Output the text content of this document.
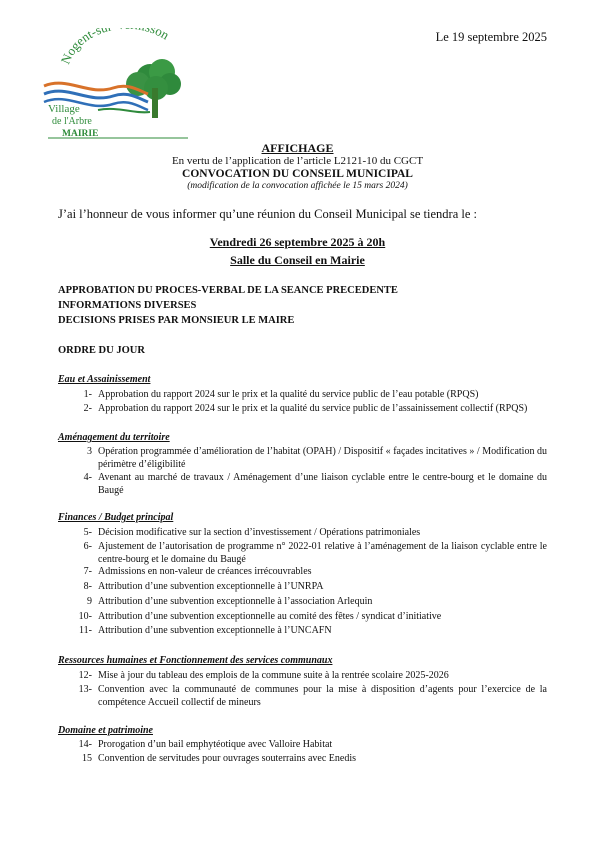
Le 19 septembre 2025
Nogent-s son
Village
de l'Arbre
MAIRIE
AFFICHAGE
En vertu de l’application de l’article L2121-10 du CGCT
CONVOCATION DU CONSEIL MUNICIPAL
(modification de la convocation affichée le 15 mars 2024)
J’ai l’honneur de vous informer qu’une réunion du Conseil Municipal se tiendra le :
Vendredi 26 septembre 2025 à 20h
Salle du Conseil en Mairie
APPROBATION DU PROCES-VERBAL DE LA SEANCE PRECEDENTE
INFORMATIONS DIVERSES
DECISIONS PRISES PAR MONSIEUR LE MAIRE
ORDRE DU JOUR
Eau et Assainissement
1- Approbation du rapport 2024 sur le prix et la qualité du service public de l’eau potable (RPQS)
2- Approbation du rapport 2024 sur le prix et la qualité du service public de l’assainissement collectif (RPQS)
Aménagement du territoire
3 Opération programmée d’amélioration de l’habitat (OPAH) / Dispositif « façades incitatives » / Modification du périmètre d’éligibilité
4- Avenant au marché de travaux / Aménagement d’une liaison cyclable entre le centre-bourg et le domaine du Baugé
Finances / Budget principal
5- Décision modificative sur la section d’investissement / Opérations patrimoniales
6- Ajustement de l’autorisation de programme n° 2022-01 relative à l’aménagement de la liaison cyclable entre le centre-bourg et le domaine du Baugé
7- Admissions en non-valeur de créances irrécouvrables
8- Attribution d’une subvention exceptionnelle à l’UNRPA
9 Attribution d’une subvention exceptionnelle à l’association Arlequin
10- Attribution d’une subvention exceptionnelle au comité des fêtes / syndicat d’initiative
11- Attribution d’une subvention exceptionnelle à l’UNCAFN
Ressources humaines et Fonctionnement des services communaux
12- Mise à jour du tableau des emplois de la commune suite à la rentrée scolaire 2025-2026
13- Convention avec la communauté de communes pour la mise à disposition d’agents pour l’exercice de la compétence Accueil collectif de mineurs
Domaine et patrimoine
14- Prorogation d’un bail emphytéotique avec Valloire Habitat
15 Convention de servitudes pour ouvrages souterrains avec Enedis
